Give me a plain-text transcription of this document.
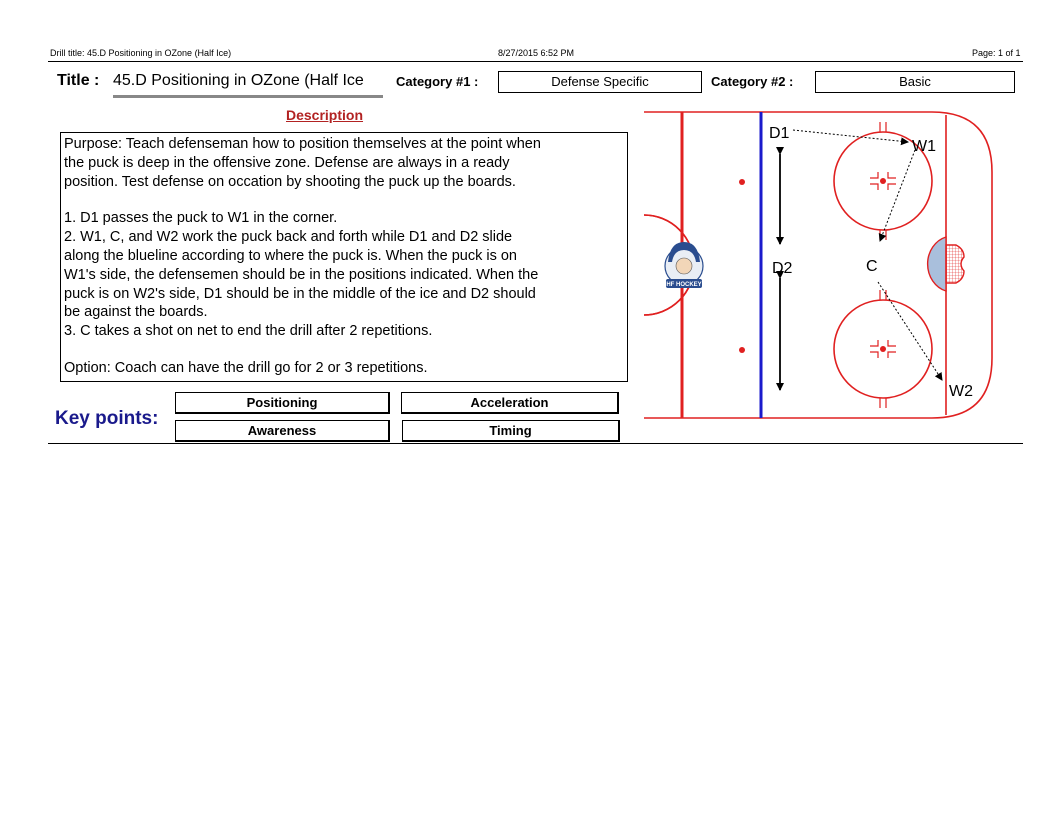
Drill title: 45.D Positioning in OZone (Half Ice)	8/27/2015 6:52 PM	Page: 1 of 1
Title : 45.D Positioning in OZone (Half Ice	Category #1 :	Defense Specific	Category #2 :	Basic
Description

Purpose: Teach defenseman how to position themselves at the point when

the puck is deep in the offensive zone. Defense are always in a ready

position. Test defense on occation by shooting the puck up the boards.

1. D1 passes the puck to W1 in the corner.

2. W1, C, and W2 work the puck back and forth while D1 and D2 slide

along the blueline according to where the puck is. When the puck is on

W1's side, the defensemen should be in the positions indicated. When the

puck is on W2's side, D1 should be in the middle of the ice and D2 should

be against the boards.

3. C takes a shot on net to end the drill after 2 repetitions.

Option: Coach can have the drill go for 2 or 3 repetitions.

Key points:
Positioning	Acceleration
Awareness	Timing
HF HOCKEY
D1
D2
W1
C
W2
